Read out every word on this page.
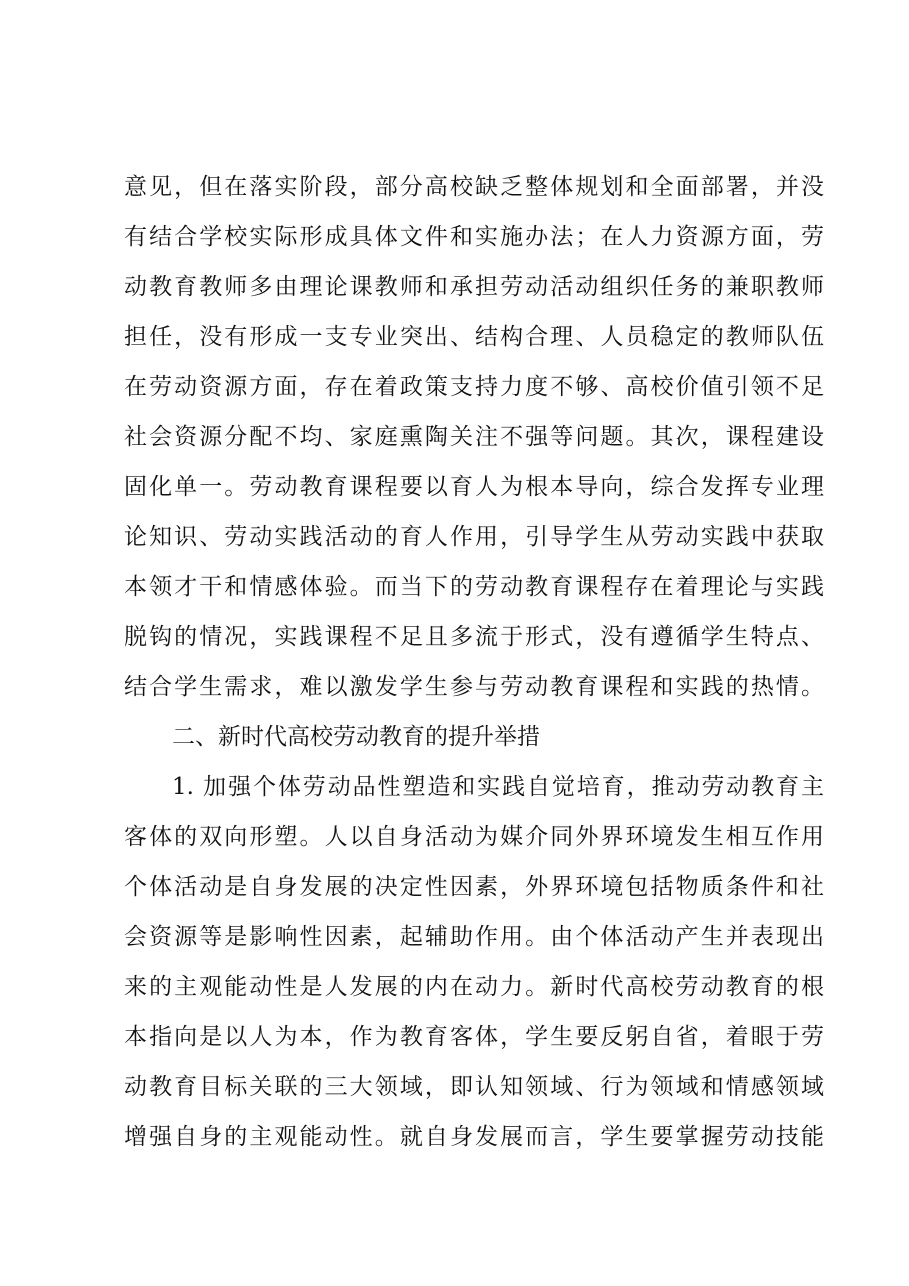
意见，但在落实阶段，部分高校缺乏整体规划和全面部署，并没
有结合学校实际形成具体文件和实施办法；在人力资源方面，劳
动教育教师多由理论课教师和承担劳动活动组织任务的兼职教师
担任，没有形成一支专业突出、结构合理、人员稳定的教师队伍
在劳动资源方面，存在着政策支持力度不够、高校价值引领不足
社会资源分配不均、家庭熏陶关注不强等问题。其次，课程建设
固化单一。劳动教育课程要以育人为根本导向，综合发挥专业理
论知识、劳动实践活动的育人作用，引导学生从劳动实践中获取
本领才干和情感体验。而当下的劳动教育课程存在着理论与实践
脱钩的情况，实践课程不足且多流于形式，没有遵循学生特点、
结合学生需求，难以激发学生参与劳动教育课程和实践的热情。
二、新时代高校劳动教育的提升举措
1. 加强个体劳动品性塑造和实践自觉培育，推动劳动教育主
客体的双向形塑。人以自身活动为媒介同外界环境发生相互作用
个体活动是自身发展的决定性因素，外界环境包括物质条件和社
会资源等是影响性因素，起辅助作用。由个体活动产生并表现出
来的主观能动性是人发展的内在动力。新时代高校劳动教育的根
本指向是以人为本，作为教育客体，学生要反躬自省，着眼于劳
动教育目标关联的三大领域，即认知领域、行为领域和情感领域
增强自身的主观能动性。就自身发展而言，学生要掌握劳动技能
